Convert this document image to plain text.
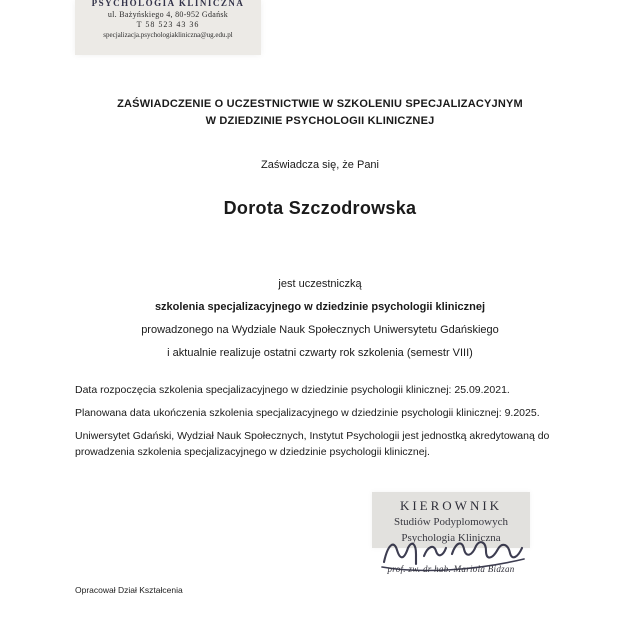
PSYCHOLOGIA KLINICZNA
ul. Bażyńskiego 4, 80-952 Gdańsk
T 58 523 43 36
specjalizacja.psychologiakliniczna@ug.edu.pl
ZAŚWIADCZENIE O UCZESTNICTWIE W SZKOLENIU SPECJALIZACYJNYM
W DZIEDZINIE PSYCHOLOGII KLINICZNEJ
Zaświadcza się, że Pani
Dorota Szczodrowska
jest uczestniczką
szkolenia specjalizacyjnego w dziedzinie psychologii klinicznej
prowadzonego na Wydziale Nauk Społecznych Uniwersytetu Gdańskiego
i aktualnie realizuje ostatni czwarty rok szkolenia (semestr VIII)
Data rozpoczęcia szkolenia specjalizacyjnego w dziedzinie psychologii klinicznej: 25.09.2021.
Planowana data ukończenia szkolenia specjalizacyjnego w dziedzinie psychologii klinicznej: 9.2025.
Uniwersytet Gdański, Wydział Nauk Społecznych, Instytut Psychologii jest jednostką akredytowaną do prowadzenia szkolenia specjalizacyjnego w dziedzinie psychologii klinicznej.
KIEROWNIK
Studiów Podyplomowych
Psychologia Kliniczna
prof. zw. dr hab. Mariola Bidzan
Opracował Dział Kształcenia
